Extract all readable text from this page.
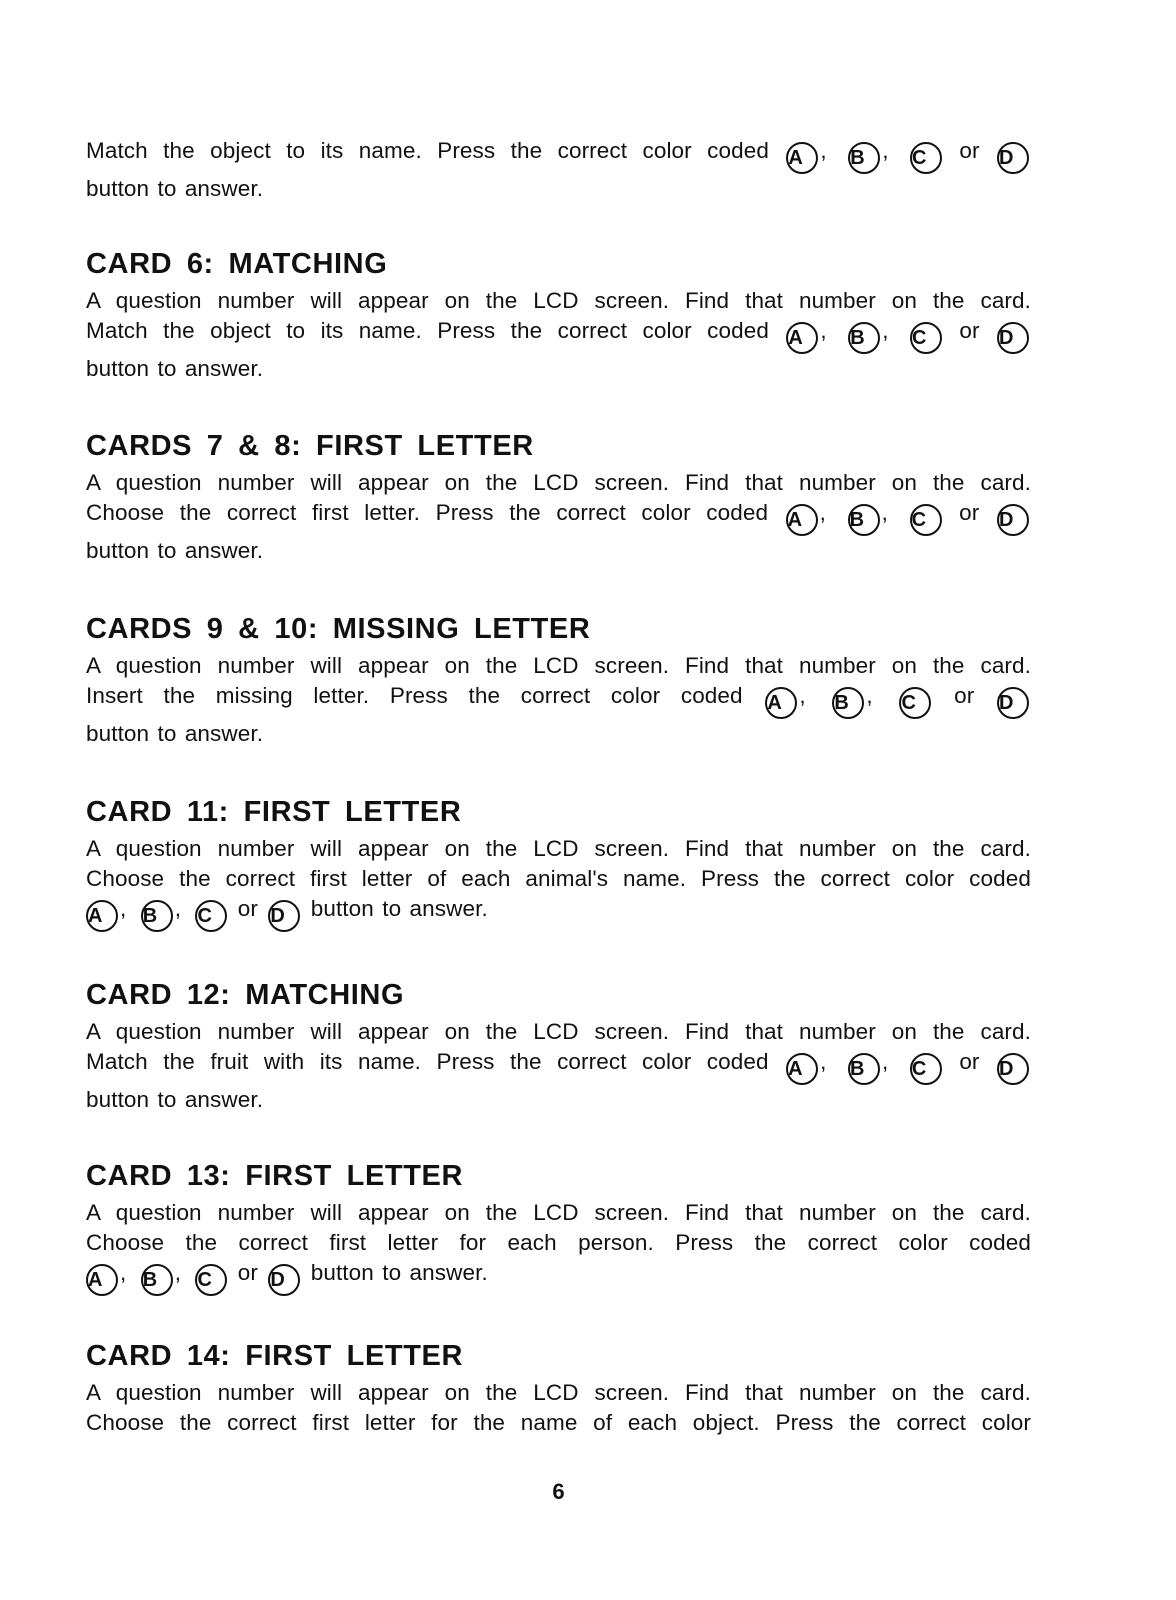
Match the object to its name. Press the correct color coded A , B , C or D
button to answer.

CARD 6: MATCHING

A question number will appear on the LCD screen. Find that number on the card.
Match the object to its name. Press the correct color coded A , B , C or D
button to answer.

CARDS 7 & 8: FIRST LETTER

A question number will appear on the LCD screen. Find that number on the card.
Choose the correct first letter. Press the correct color coded A , B , C or D
button to answer.

CARDS 9 & 10: MISSING LETTER

A question number will appear on the LCD screen. Find that number on the card.
Insert the missing letter. Press the correct color coded A , B , C or D
button to answer.

CARD 11: FIRST LETTER

A question number will appear on the LCD screen. Find that number on the card.
Choose the correct first letter of each animal's name. Press the correct color coded
A , B , C or D button to answer.

CARD 12: MATCHING

A question number will appear on the LCD screen. Find that number on the card.
Match the fruit with its name. Press the correct color coded A , B , C or D
button to answer.

CARD 13: FIRST LETTER

A question number will appear on the LCD screen. Find that number on the card.
Choose the correct first letter for each person. Press the correct color coded
A , B , C or D button to answer.

CARD 14: FIRST LETTER

A question number will appear on the LCD screen. Find that number on the card.
Choose the correct first letter for the name of each object. Press the correct color

6
